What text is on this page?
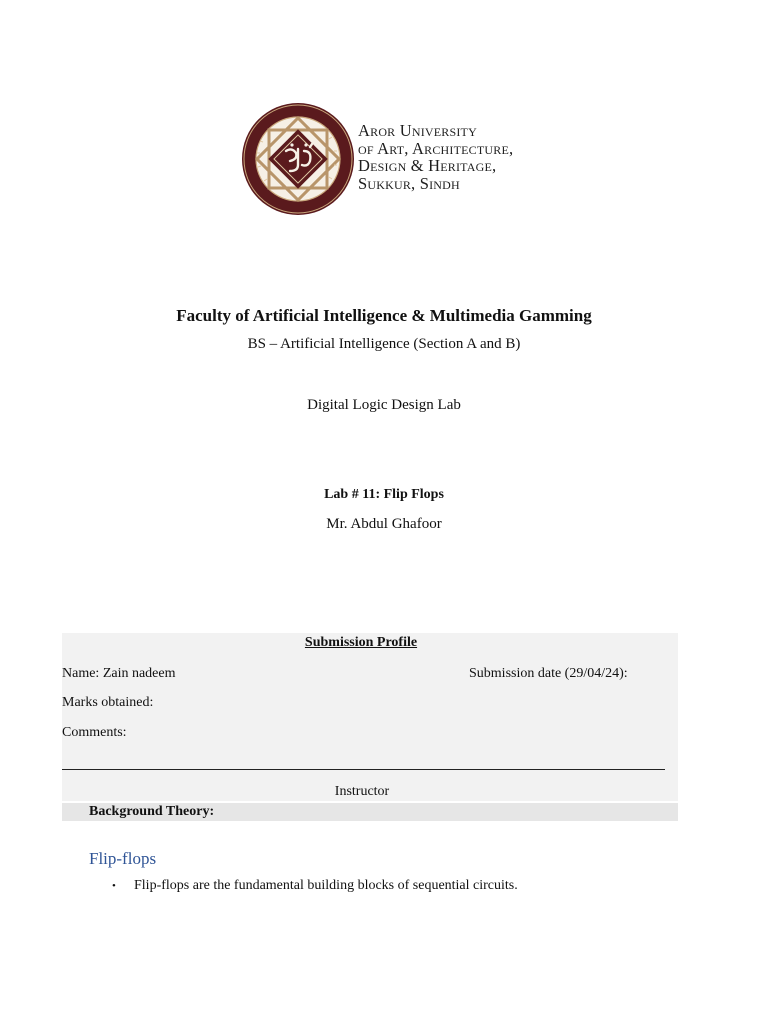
Aror University
of Art, Architecture,
Design & Heritage,
Sukkur, Sindh
Faculty of Artificial Intelligence & Multimedia Gamming
BS – Artificial Intelligence (Section A and B)
Digital Logic Design Lab
Lab # 11: Flip Flops
Mr. Abdul Ghafoor
Submission Profile
Name: Zain nadeem	Submission date (29/04/24):
Marks obtained:
Comments:
Instructor
Background Theory:
Flip-flops
• Flip-flops are the fundamental building blocks of sequential circuits.
